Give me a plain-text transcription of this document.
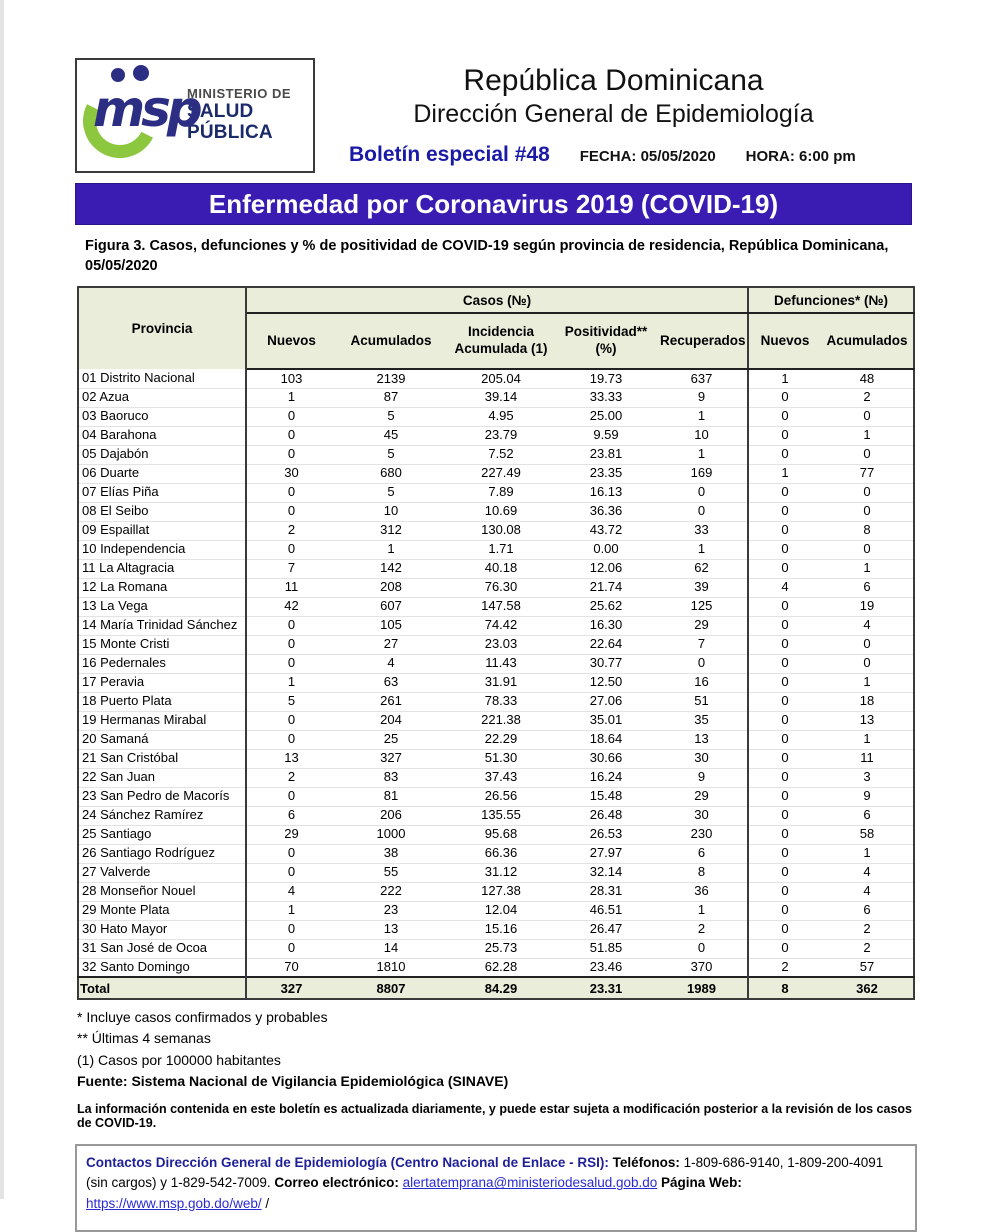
msp
MINISTERIO DE
SALUD PÚBLICA
República Dominicana
Dirección General de Epidemiología
Boletín especial #48 FECHA: 05/05/2020 HORA: 6:00 pm
Enfermedad por Coronavirus 2019 (COVID-19)
Figura 3. Casos, defunciones y % de positividad de COVID-19 según provincia de residencia, República Dominicana, 05/05/2020
Provincia	Casos (№)					Defunciones* (№)	
	Nuevos	Acumulados	Incidencia Acumulada (1)	Positividad** (%)	Recuperados	Nuevos	Acumulados
01 Distrito Nacional	103	2139	205.04	19.73	637	1	48
02 Azua	1	87	39.14	33.33	9	0	2
03 Baoruco	0	5	4.95	25.00	1	0	0
04 Barahona	0	45	23.79	9.59	10	0	1
05 Dajabón	0	5	7.52	23.81	1	0	0
06 Duarte	30	680	227.49	23.35	169	1	77
07 Elías Piña	0	5	7.89	16.13	0	0	0
08 El Seibo	0	10	10.69	36.36	0	0	0
09 Espaillat	2	312	130.08	43.72	33	0	8
10 Independencia	0	1	1.71	0.00	1	0	0
11 La Altagracia	7	142	40.18	12.06	62	0	1
12 La Romana	11	208	76.30	21.74	39	4	6
13 La Vega	42	607	147.58	25.62	125	0	19
14 María Trinidad Sánchez	0	105	74.42	16.30	29	0	4
15 Monte Cristi	0	27	23.03	22.64	7	0	0
16 Pedernales	0	4	11.43	30.77	0	0	0
17 Peravia	1	63	31.91	12.50	16	0	1
18 Puerto Plata	5	261	78.33	27.06	51	0	18
19 Hermanas Mirabal	0	204	221.38	35.01	35	0	13
20 Samaná	0	25	22.29	18.64	13	0	1
21 San Cristóbal	13	327	51.30	30.66	30	0	11
22 San Juan	2	83	37.43	16.24	9	0	3
23 San Pedro de Macorís	0	81	26.56	15.48	29	0	9
24 Sánchez Ramírez	6	206	135.55	26.48	30	0	6
25 Santiago	29	1000	95.68	26.53	230	0	58
26 Santiago Rodríguez	0	38	66.36	27.97	6	0	1
27 Valverde	0	55	31.12	32.14	8	0	4
28 Monseñor Nouel	4	222	127.38	28.31	36	0	4
29 Monte Plata	1	23	12.04	46.51	1	0	6
30 Hato Mayor	0	13	15.16	26.47	2	0	2
31 San José de Ocoa	0	14	25.73	51.85	0	0	2
32 Santo Domingo	70	1810	62.28	23.46	370	2	57
Total	327	8807	84.29	23.31	1989	8	362
* Incluye casos confirmados y probables
** Últimas 4 semanas
(1) Casos por 100000 habitantes
Fuente: Sistema Nacional de Vigilancia Epidemiológica (SINAVE)
La información contenida en este boletín es actualizada diariamente, y puede estar sujeta a modificación posterior a la revisión de los casos de COVID-19.
Contactos Dirección General de Epidemiología (Centro Nacional de Enlace - RSI): Teléfonos: 1-809-686-9140, 1-809-200-4091
(sin cargos) y 1-829-542-7009. Correo electrónico: alertatemprana@ministeriodesalud.gob.do Página Web: https://www.msp.gob.do/web/ /
